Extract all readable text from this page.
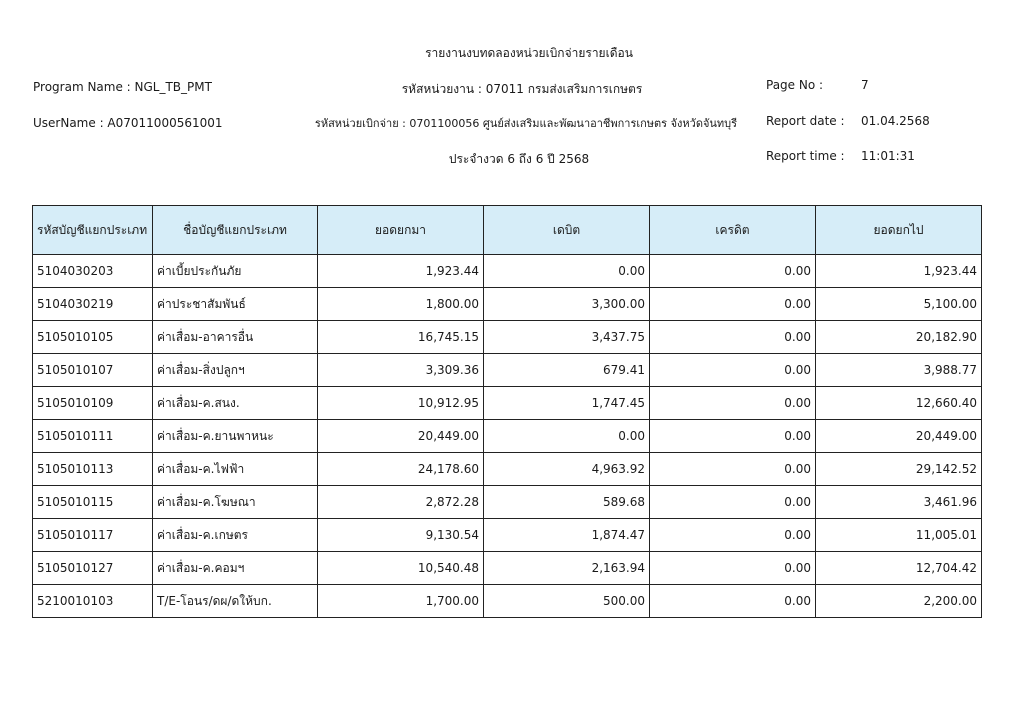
รายงานงบทดลองหน่วยเบิกจ่ายรายเดือน
Program Name : NGL_TB_PMT	รหัสหน่วยงาน : 07011 กรมส่งเสริมการเกษตร	Page No :	7
UserName : A07011000561001	รหัสหน่วยเบิกจ่าย : 0701100056 ศูนย์ส่งเสริมและพัฒนาอาชีพการเกษตร จังหวัดจันทบุรี Report date : 01.04.2568
ประจำงวด 6 ถึง 6 ปี 2568	Report time : 11:01:31
รหัสบัญชีแยกประเภท	ชื่อบัญชีแยกประเภท	ยอดยกมา	เดบิต	เครดิต	ยอดยกไป
5104030203	ค่าเบี้ยประกันภัย	1,923.44	0.00	0.00	1,923.44
5104030219	ค่าประชาสัมพันธ์	1,800.00	3,300.00	0.00	5,100.00
5105010105	ค่าเสื่อม-อาคารอื่น	16,745.15	3,437.75	0.00	20,182.90
5105010107	ค่าเสื่อม-สิ่งปลูกฯ	3,309.36	679.41	0.00	3,988.77
5105010109	ค่าเสื่อม-ค.สนง.	10,912.95	1,747.45	0.00	12,660.40
5105010111	ค่าเสื่อม-ค.ยานพาหนะ	20,449.00	0.00	0.00	20,449.00
5105010113	ค่าเสื่อม-ค.ไฟฟ้า	24,178.60	4,963.92	0.00	29,142.52
5105010115	ค่าเสื่อม-ค.โฆษณา	2,872.28	589.68	0.00	3,461.96
5105010117	ค่าเสื่อม-ค.เกษตร	9,130.54	1,874.47	0.00	11,005.01
5105010127	ค่าเสื่อม-ค.คอมฯ	10,540.48	2,163.94	0.00	12,704.42
5210010103	T/E-โอนร/ดผ/ดให้บก.	1,700.00	500.00	0.00	2,200.00
